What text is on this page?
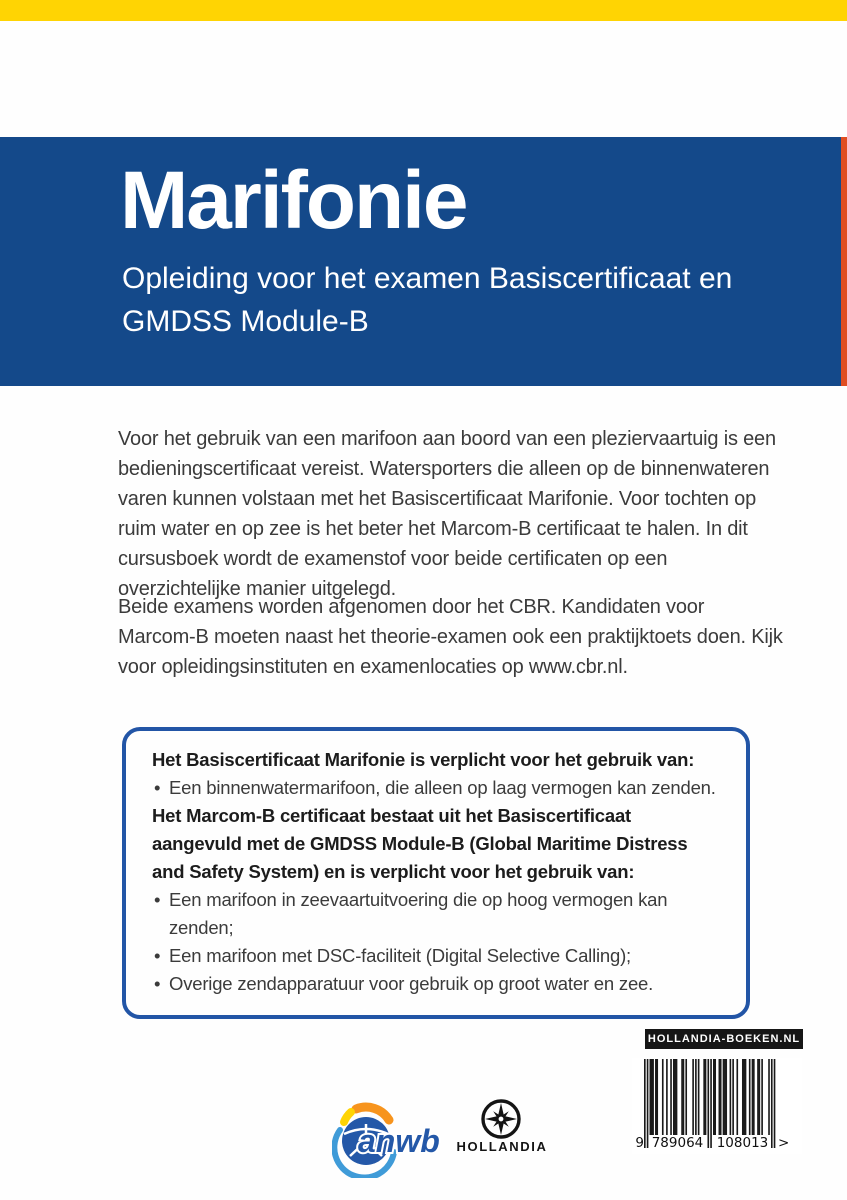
Marifonie
Opleiding voor het examen Basiscertificaat en GMDSS Module-B
Voor het gebruik van een marifoon aan boord van een pleziervaartuig is een bedieningscertificaat vereist. Watersporters die alleen op de binnenwateren varen kunnen volstaan met het Basiscertificaat Marifonie. Voor tochten op ruim water en op zee is het beter het Marcom-B certificaat te halen. In dit cursusboek wordt de examenstof voor beide certificaten op een overzichtelijke manier uitgelegd.
Beide examens worden afgenomen door het CBR. Kandidaten voor Marcom-B moeten naast het theorie-examen ook een praktijktoets doen. Kijk voor opleidingsinstituten en examenlocaties op www.cbr.nl.
Het Basiscertificaat Marifonie is verplicht voor het gebruik van:
• Een binnenwatermarifoon, die alleen op laag vermogen kan zenden.
Het Marcom-B certificaat bestaat uit het Basiscertificaat aangevuld met de GMDSS Module-B (Global Maritime Distress and Safety System) en is verplicht voor het gebruik van:
• Een marifoon in zeevaartuitvoering die op hoog vermogen kan zenden;
• Een marifoon met DSC-faciliteit (Digital Selective Calling);
• Overige zendapparatuur voor gebruik op groot water en zee.
HOLLANDIA-BOEKEN.NL
9 789064 108013 >
anwb HOLLANDIA
